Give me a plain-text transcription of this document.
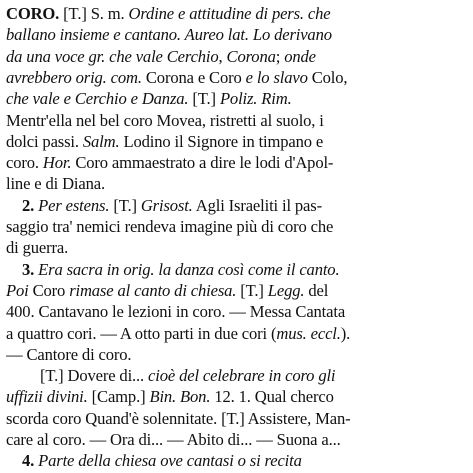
CORO. [T.] S. m. Ordine e attitudine di pers. che
ballano insieme e cantano. Aureo lat. Lo derivano
da una voce gr. che vale Cerchio, Corona; onde
avrebbero orig. com. Corona e Coro e lo slavo Colo,
che vale e Cerchio e Danza. [T.] Poliz. Rim.
Mentr'ella nel bel coro Movea, ristretti al suolo, i
dolci passi. Salm. Lodino il Signore in timpano e
coro. Hor. Coro ammaestrato a dire le lodi d'Apol-
line e di Diana.
2. Per estens. [T.] Grisost. Agli Israeliti il pas-
saggio tra' nemici rendeva imagine più di coro che
di guerra.
3. Era sacra in orig. la danza così come il canto.
Poi Coro rimase al canto di chiesa. [T.] Legg. del
400. Cantavano le lezioni in coro. — Messa Cantata
a quattro cori. — A otto parti in due cori (mus. eccl.).
— Cantore di coro.
[T.] Dovere di... cioè del celebrare in coro gli
uffizii divini. [Camp.] Bin. Bon. 12. 1. Qual cherco
scorda coro Quand'è solennitate. [T.] Assistere, Man-
care al coro. — Ora di... — Abito di... — Suona a...
4. Parte della chiesa ove cantasi o si recita
